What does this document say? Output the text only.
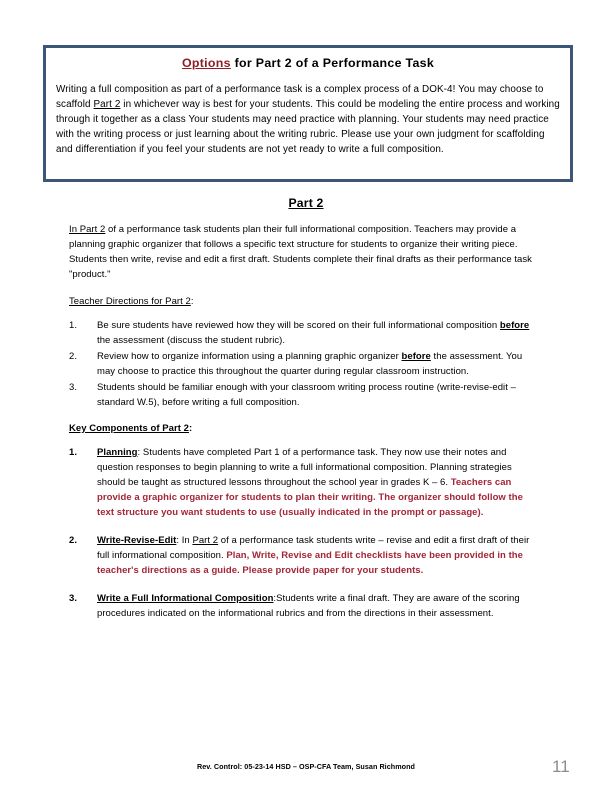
Options for Part 2 of a Performance Task
Writing a full composition as part of a performance task is a complex process of a DOK-4! You may choose to scaffold Part 2 in whichever way is best for your students. This could be modeling the entire process and working through it together as a class Your students may need practice with planning. Your students may need practice with the writing process or just learning about the writing rubric. Please use your own judgment for scaffolding and differentiation if you feel your students are not yet ready to write a full composition.
Part 2

In Part 2 of a performance task students plan their full informational composition. Teachers may provide a planning graphic organizer that follows a specific text structure for students to organize their writing piece. Students then write, revise and edit a first draft. Students complete their final drafts as their performance task "product."

Teacher Directions for Part 2:

1.	Be sure students have reviewed how they will be scored on their full informational composition before the assessment (discuss the student rubric).
2.	Review how to organize information using a planning graphic organizer before the assessment. You may choose to practice this throughout the quarter during regular classroom instruction.
3.	Students should be familiar enough with your classroom writing process routine (write-revise-edit – standard W.5), before writing a full composition.

Key Components of Part 2:

1.	Planning: Students have completed Part 1 of a performance task. They now use their notes and question responses to begin planning to write a full informational composition. Planning strategies should be taught as structured lessons throughout the school year in grades K – 6. Teachers can provide a graphic organizer for students to plan their writing. The organizer should follow the text structure you want students to use (usually indicated in the prompt or passage).
2.	Write-Revise-Edit: In Part 2 of a performance task students write – revise and edit a first draft of their full informational composition. Plan, Write, Revise and Edit checklists have been provided in the teacher's directions as a guide. Please provide paper for your students.
3.	Write a Full Informational Composition:Students write a final draft. They are aware of the scoring procedures indicated on the informational rubrics and from the directions in their assessment.
Rev. Control: 05-23-14 HSD – OSP-CFA Team, Susan Richmond	11
